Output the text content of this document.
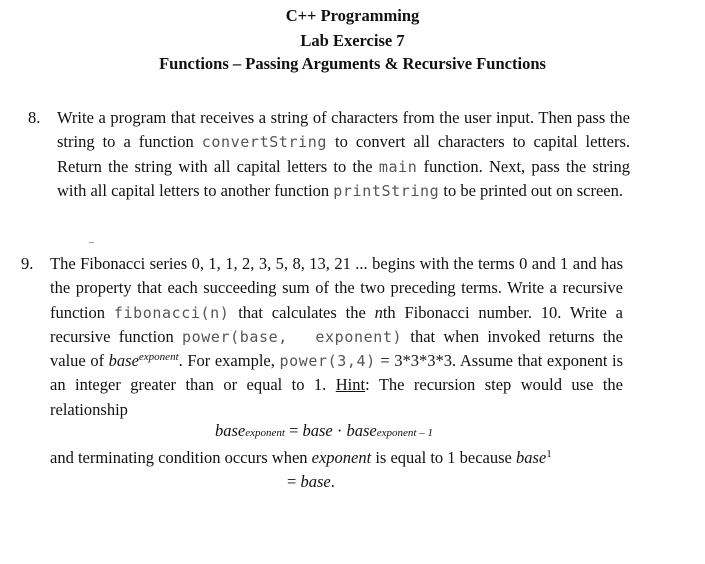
C++ Programming
Lab Exercise 7
Functions – Passing Arguments & Recursive Functions
8. Write a program that receives a string of characters from the user input. Then pass the string to a function convertString to convert all characters to capital letters. Return the string with all capital letters to the main function. Next, pass the string with all capital letters to another function printString to be printed out on screen.
9. The Fibonacci series 0, 1, 1, 2, 3, 5, 8, 13, 21 ... begins with the terms 0 and 1 and has the property that each succeeding sum of the two preceding terms. Write a recursive function fibonacci(n) that calculates the nth Fibonacci number. 10. Write a recursive function power(base,  exponent) that when invoked returns the value of base$^{exponent}$. For example, power(3,4) = 3*3*3*3. Assume that exponent is an integer greater than or equal to 1. Hint: The recursion step would use the relationship
baseexponent = base · baseexponent – 1
and terminating condition occurs when exponent is equal to 1 because base$^1$
= base.
